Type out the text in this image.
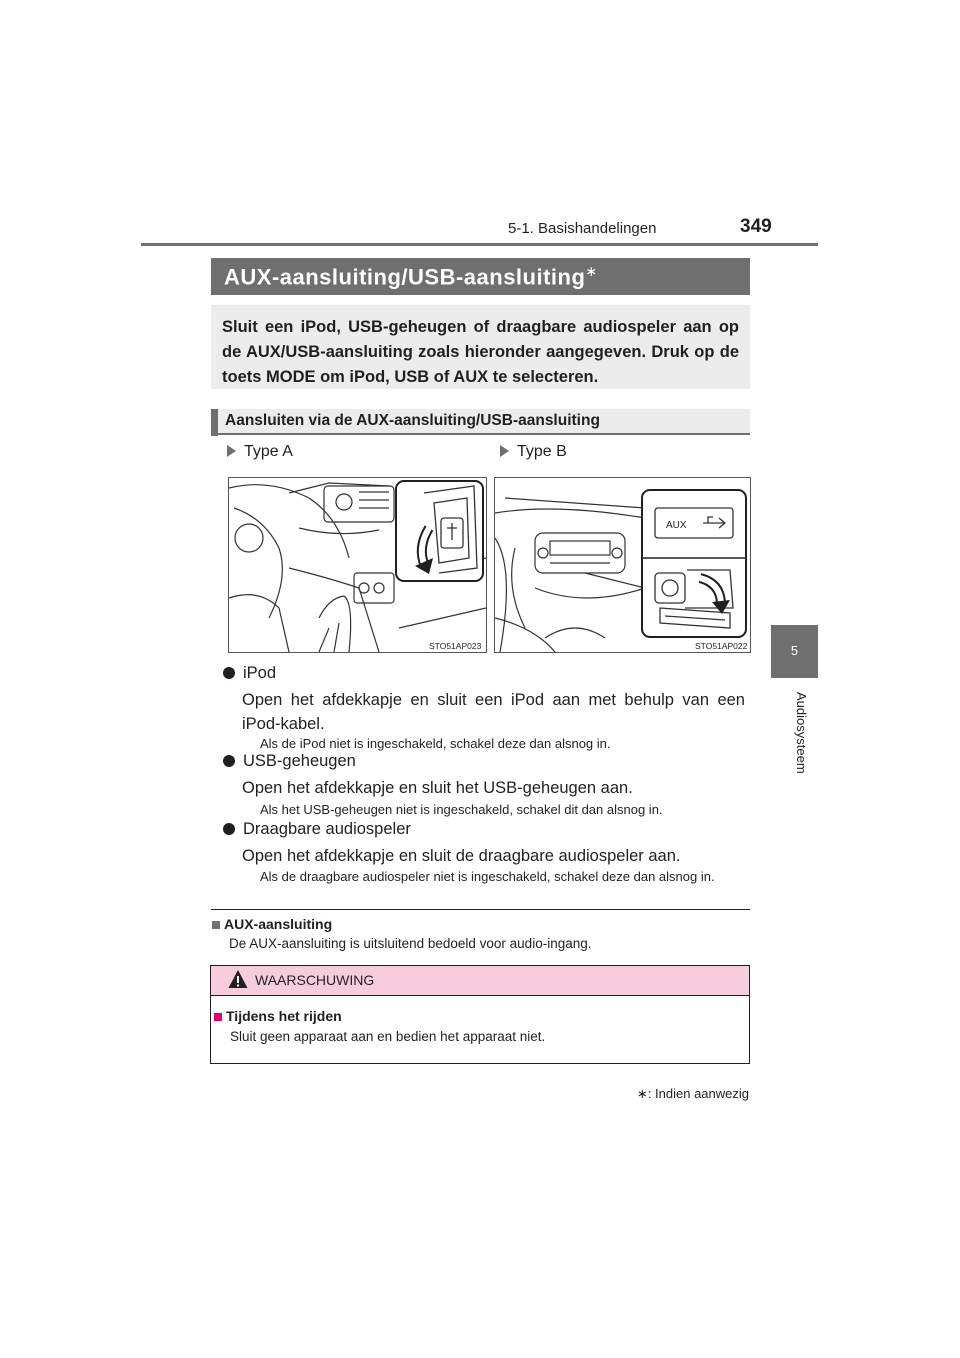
5-1. Basishandelingen	349
5
Audiosysteem
AUX-aansluiting/USB-aansluiting∗
Sluit een iPod, USB-geheugen of draagbare audiospeler aan op de AUX/USB-aansluiting zoals hieronder aangegeven. Druk op de toets MODE om iPod, USB of AUX te selecteren.
Aansluiten via de AUX-aansluiting/USB-aansluiting
Type A	Type B
STO51AP023
AUX
STO51AP022
iPod
Open het afdekkapje en sluit een iPod aan met behulp van een iPod-kabel.
Als de iPod niet is ingeschakeld, schakel deze dan alsnog in.
USB-geheugen
Open het afdekkapje en sluit het USB-geheugen aan.
Als het USB-geheugen niet is ingeschakeld, schakel dit dan alsnog in.
Draagbare audiospeler
Open het afdekkapje en sluit de draagbare audiospeler aan.
Als de draagbare audiospeler niet is ingeschakeld, schakel deze dan alsnog in.
AUX-aansluiting
De AUX-aansluiting is uitsluitend bedoeld voor audio-ingang.
WAARSCHUWING
Tijdens het rijden
Sluit geen apparaat aan en bedien het apparaat niet.
∗: Indien aanwezig
